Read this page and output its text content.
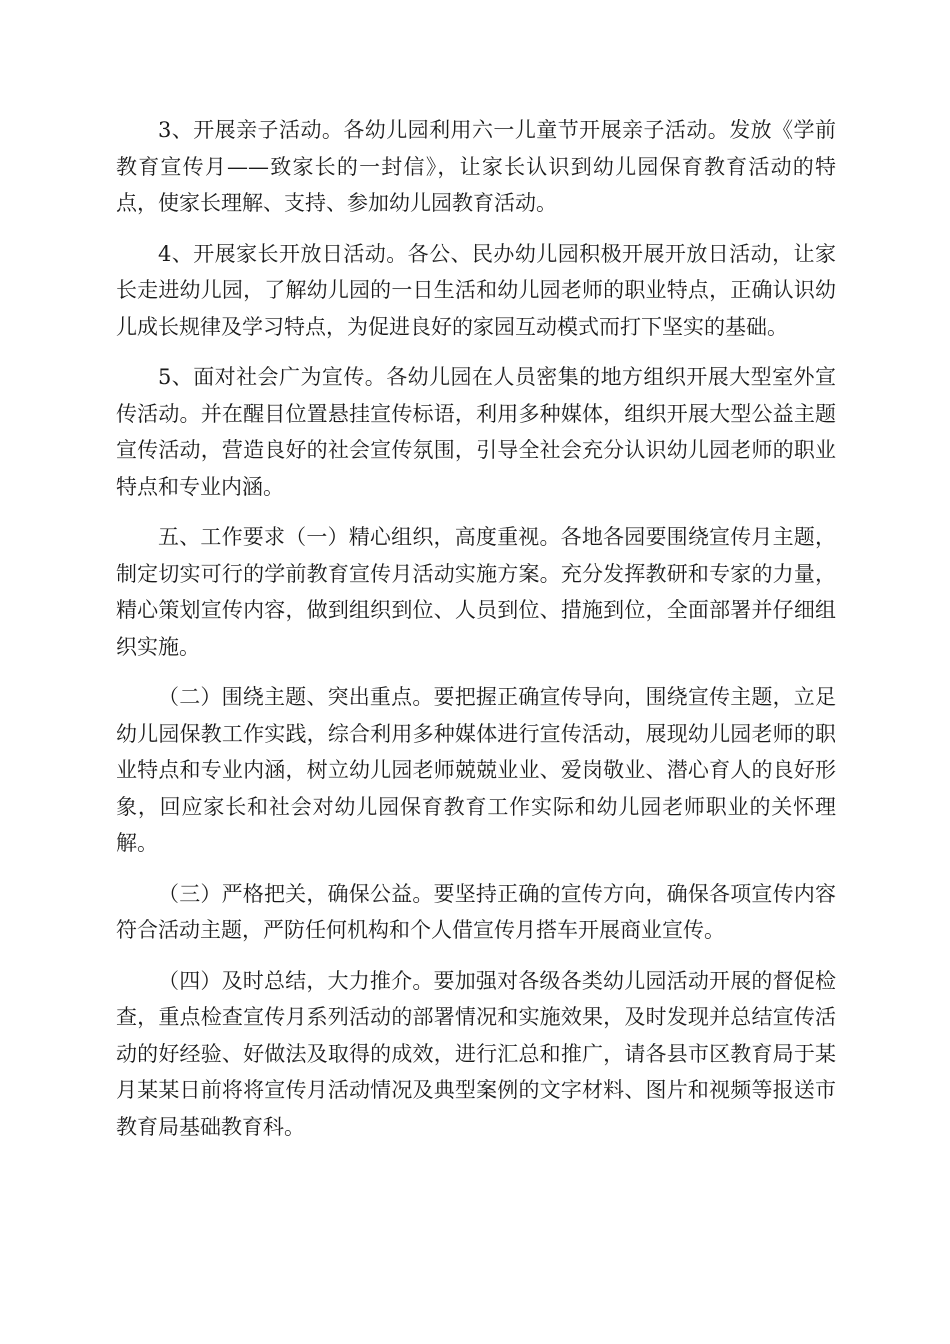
3、开展亲子活动。各幼儿园利用六一儿童节开展亲子活动。发放《学前教育宣传月——致家长的一封信》，让家长认识到幼儿园保育教育活动的特点，使家长理解、支持、参加幼儿园教育活动。

4、开展家长开放日活动。各公、民办幼儿园积极开展开放日活动，让家长走进幼儿园，了解幼儿园的一日生活和幼儿园老师的职业特点，正确认识幼儿成长规律及学习特点，为促进良好的家园互动模式而打下坚实的基础。

5、面对社会广为宣传。各幼儿园在人员密集的地方组织开展大型室外宣传活动。并在醒目位置悬挂宣传标语，利用多种媒体，组织开展大型公益主题宣传活动，营造良好的社会宣传氛围，引导全社会充分认识幼儿园老师的职业特点和专业内涵。

五、工作要求（一）精心组织，高度重视。各地各园要围绕宣传月主题，制定切实可行的学前教育宣传月活动实施方案。充分发挥教研和专家的力量，精心策划宣传内容，做到组织到位、人员到位、措施到位，全面部署并仔细组织实施。

（二）围绕主题、突出重点。要把握正确宣传导向，围绕宣传主题，立足幼儿园保教工作实践，综合利用多种媒体进行宣传活动，展现幼儿园老师的职业特点和专业内涵，树立幼儿园老师兢兢业业、爱岗敬业、潜心育人的良好形象，回应家长和社会对幼儿园保育教育工作实际和幼儿园老师职业的关怀理解。

（三）严格把关，确保公益。要坚持正确的宣传方向，确保各项宣传内容符合活动主题，严防任何机构和个人借宣传月搭车开展商业宣传。

（四）及时总结，大力推介。要加强对各级各类幼儿园活动开展的督促检查，重点检查宣传月系列活动的部署情况和实施效果，及时发现并总结宣传活动的好经验、好做法及取得的成效，进行汇总和推广，请各县市区教育局于某月某某日前将将宣传月活动情况及典型案例的文字材料、图片和视频等报送市教育局基础教育科。
